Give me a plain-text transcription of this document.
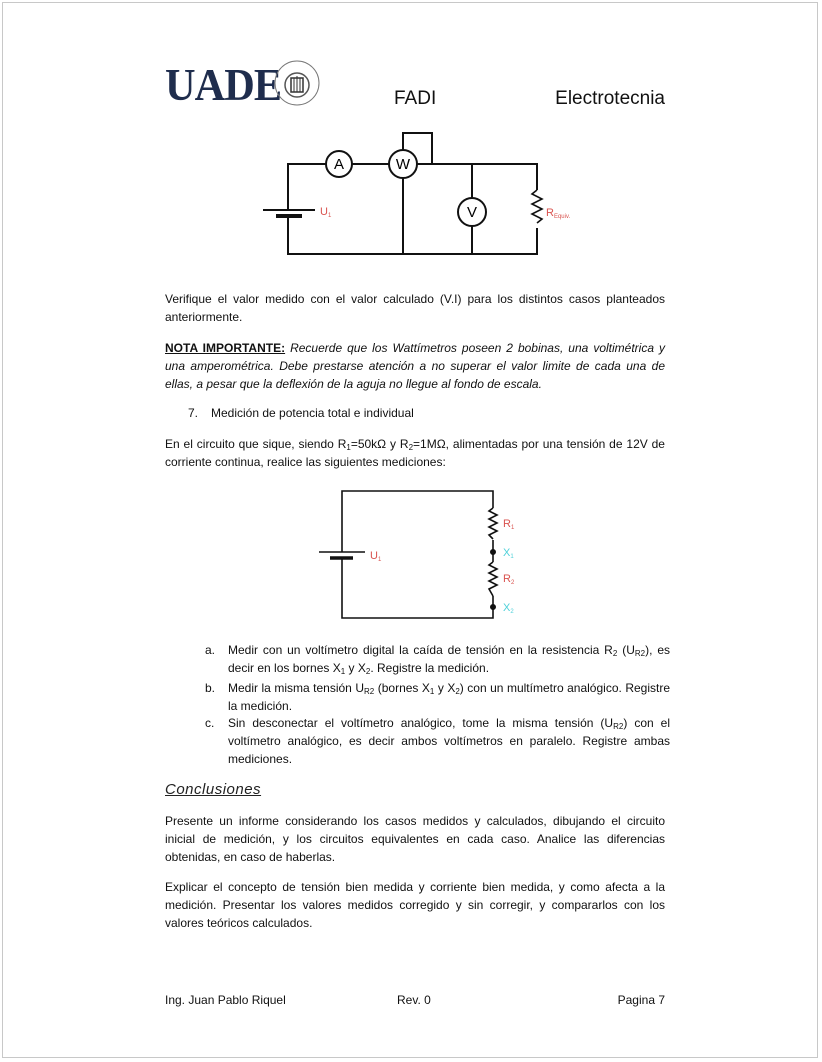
UADE	FADI	Electrotecnia
A	W
V
U1	REquiv.
Verifique el valor medido con el valor calculado (V.I) para los distintos casos planteados anteriormente.
NOTA IMPORTANTE: Recuerde que los Wattímetros poseen 2 bobinas, una voltimétrica y una amperométrica. Debe prestarse atención a no superar el valor limite de cada una de ellas, a pesar que la deflexión de la aguja no llegue al fondo de escala.
7. Medición de potencia total e individual
En el circuito que sique, siendo $R_1=50k\Omega$ y $R_2=1M\Omega$, alimentadas por una tensión de 12V de corriente continua, realice las siguientes mediciones:
U1
R1
X1
R2
X2
a. Medir con un voltímetro digital la caída de tensión en la resistencia $R_2$ $(U_{R2})$, es decir en los bornes $X_1$ y $X_2$. Registre la medición.
b. Medir la misma tensión $U_{R2}$ (bornes $X_1$ y $X_2$) con un multímetro analógico. Registre la medición.
c. Sin desconectar el voltímetro analógico, tome la misma tensión $(U_{R2})$ con el voltímetro analógico, es decir ambos voltímetros en paralelo. Registre ambas mediciones.
Conclusiones
Presente un informe considerando los casos medidos y calculados, dibujando el circuito inicial de medición, y los circuitos equivalentes en cada caso. Analice las diferencias obtenidas, en caso de haberlas.
Explicar el concepto de tensión bien medida y corriente bien medida, y como afecta a la medición. Presentar los valores medidos corregido y sin corregir, y compararlos con los valores teóricos calculados.
Ing. Juan Pablo Riquel	Rev. 0	Pagina 7
